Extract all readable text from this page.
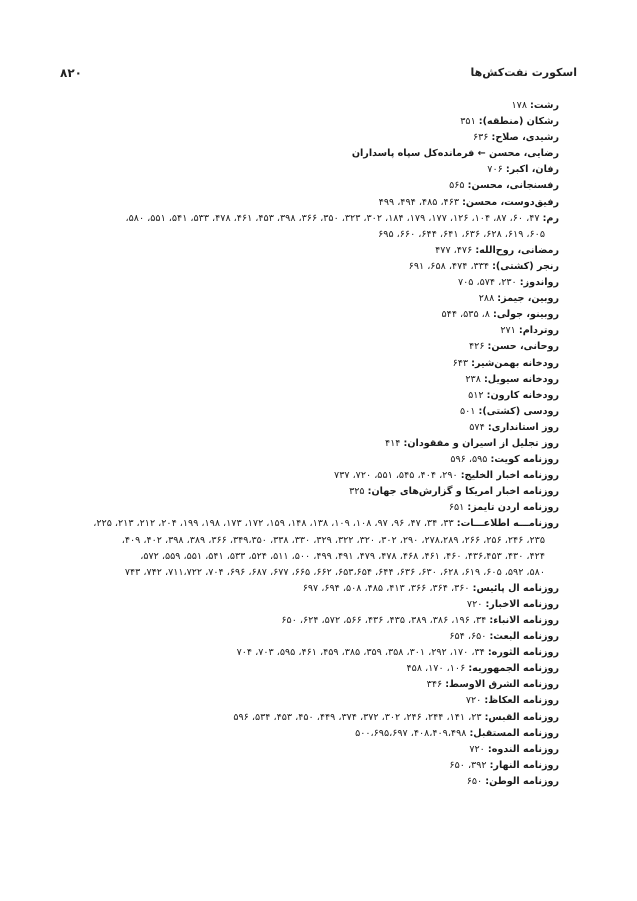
۸۲۰	اسکورت نفت‌کش‌ها

رشت: ۱۷۸

رشکان (منطقه): ۳۵۱

رشیدی، صلاح: ۶۳۶

رضایی، محسن ← فرمانده‌کل سپاه پاسداران

رفان، اکبر: ۷۰۶

رفسنجانی، محسن: ۵۶۵

رفیق‌دوست، محسن: ۴۶۳، ۴۸۵، ۴۹۴، ۴۹۹

رم: ۴۷، ۶۰، ۸۷، ۱۰۴، ۱۲۶، ۱۷۷، ۱۷۹، ۱۸۴، ۳۰۲، ۳۲۳، ۳۵۰، ۳۶۶، ۳۹۸، ۴۵۳، ۴۶۱، ۴۷۸، ۵۳۳، ۵۴۱، ۵۵۱، ۵۸۰،
۶۰۵، ۶۱۹، ۶۲۸، ۶۳۶، ۶۴۱، ۶۴۴، ۶۶۰، ۶۹۵

رمضانی، روح‌الله: ۴۷۶، ۴۷۷

رنجر (کشتی): ۳۳۴، ۴۷۴، ۶۵۸، ۶۹۱

رواندوز: ۲۳۰، ۵۷۴، ۷۰۵

روبین، جیمز: ۲۸۸

روبینو، جولی: ۸، ۵۳۵، ۵۴۴

روتردام: ۲۷۱

روحانی، حسن: ۴۲۶

رودخانه بهمن‌شیر: ۶۴۳

رودخانه سیویل: ۲۳۸

رودخانه کارون: ۵۱۲

رودسی (کشتی): ۵۰۱

روز استانداری: ۵۷۴

روز تجلیل از اسیران و مفقودان: ۴۱۴

روزنامه کویت: ۵۹۵، ۵۹۶

روزنامه اخبار الخلیج: ۲۹۰، ۴۰۴، ۵۴۵، ۵۵۱، ۷۲۰، ۷۳۷

روزنامه اخبار امریکا و گزارش‌های جهان: ۳۲۵

روزنامه اردن تایمز: ۶۵۱

روزنامـــه اطلاعـــات: ۳۳، ۳۴، ۴۷، ۹۶، ۹۷، ۱۰۸، ۱۰۹، ۱۳۸، ۱۴۸، ۱۵۹، ۱۷۲، ۱۷۳، ۱۹۸، ۱۹۹، ۲۰۴، ۲۱۲، ۲۱۳، ۲۲۵،
۲۳۵، ۲۴۶، ۲۵۶، ۲۶۶، ۲۷۸،۲۸۹، ۲۹۰، ۳۰۲، ۳۲۰، ۳۲۲، ۳۲۹، ۳۳۰، ۳۳۸، ۳۴۹،۳۵۰، ۳۶۶، ۳۸۹، ۳۹۸، ۴۰۲، ۴۰۹،
۴۲۴، ۴۳۰، ۴۳۶،۴۵۳، ۴۶۰، ۴۶۱، ۴۶۸، ۴۷۸، ۴۷۹، ۴۹۱، ۴۹۹، ۵۰۰، ۵۱۱، ۵۲۴، ۵۳۳، ۵۴۱، ۵۵۱، ۵۵۹، ۵۷۲،
۵۸۰، ۵۹۲، ۶۰۵، ۶۱۹، ۶۲۸، ۶۳۰، ۶۳۶، ۶۴۴، ۶۵۳،۶۵۴، ۶۶۲، ۶۶۵، ۶۷۷، ۶۸۷، ۶۹۶، ۷۰۴، ۷۱۱،۷۲۲، ۷۴۲، ۷۴۳

روزنامه ال پائیس: ۳۶۰، ۳۶۴، ۳۶۶، ۴۱۳، ۴۸۵، ۵۰۸، ۶۹۴، ۶۹۷

روزنامه الاخبار: ۷۲۰

روزنامه الانباء: ۳۴، ۱۹۶، ۳۸۶، ۳۸۹، ۴۳۵، ۴۳۶، ۵۶۶، ۵۷۲، ۶۲۴، ۶۵۰

روزنامه البعث: ۶۵۰، ۶۵۴

روزنامه الثوره: ۳۴، ۱۷۰، ۲۹۲، ۳۰۱، ۳۵۸، ۳۵۹، ۳۸۵، ۴۵۹، ۴۶۱، ۵۹۵، ۷۰۳، ۷۰۴

روزنامه الجمهوریه: ۱۰۶، ۱۷۰، ۴۵۸

روزنامه الشرق الاوسط: ۳۴۶

روزنامه العکاظ: ۷۲۰

روزنامه القبس: ۲۳، ۱۴۱، ۲۴۴، ۲۴۶، ۳۰۲، ۳۷۲، ۳۷۴، ۴۴۹، ۴۵۰، ۴۵۳، ۵۳۴، ۵۹۶

روزنامه المستقبل: ۴۰۸،۴۰۹،۴۹۸، ۵۰۰،۶۹۵،۶۹۷

روزنامه الندوه: ۷۲۰

روزنامه النهار: ۳۹۲، ۶۵۰

روزنامه الوطن: ۶۵۰
